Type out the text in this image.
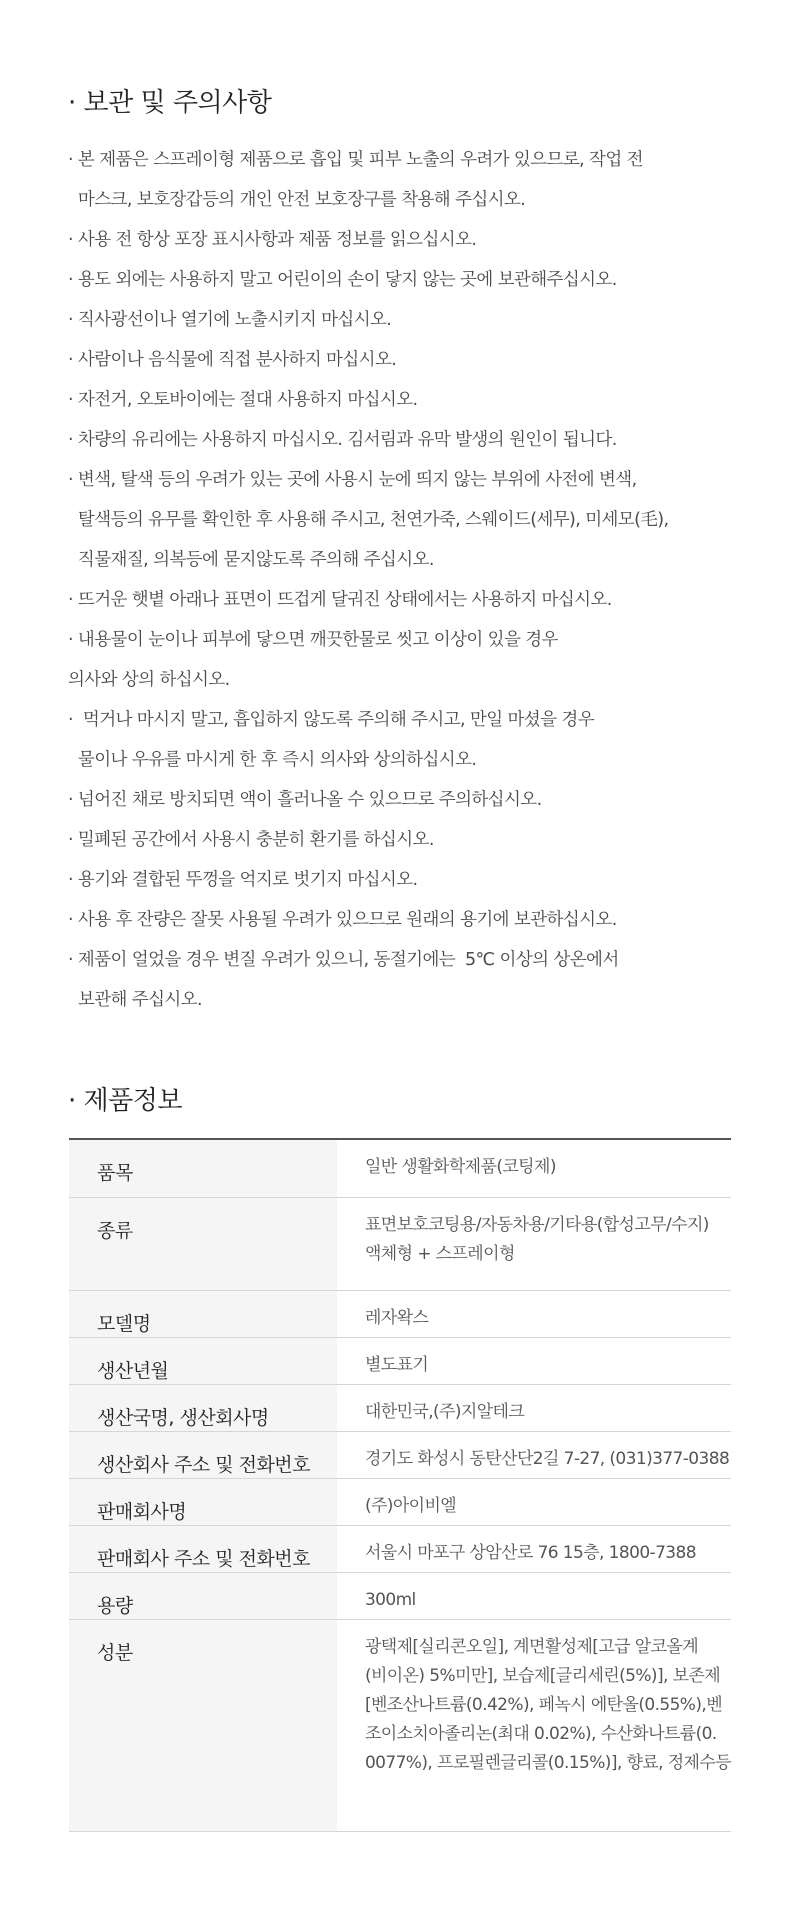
· 보관 및 주의사항
· 본 제품은 스프레이형 제품으로 흡입 및 피부 노출의 우려가 있으므로, 작업 전
마스크, 보호장갑등의 개인 안전 보호장구를 착용해 주십시오.
· 사용 전 항상 포장 표시사항과 제품 정보를 읽으십시오.
· 용도 외에는 사용하지 말고 어린이의 손이 닿지 않는 곳에 보관해주십시오.
· 직사광선이나 열기에 노출시키지 마십시오.
· 사람이나 음식물에 직접 분사하지 마십시오.
· 자전거, 오토바이에는 절대 사용하지 마십시오.
· 차량의 유리에는 사용하지 마십시오. 김서림과 유막 발생의 원인이 됩니다.
· 변색, 탈색 등의 우려가 있는 곳에 사용시 눈에 띄지 않는 부위에 사전에 변색,
탈색등의 유무를 확인한 후 사용해 주시고, 천연가죽, 스웨이드(세무), 미세모(毛),
직물재질, 의복등에 묻지않도록 주의해 주십시오.
· 뜨거운 햇볕 아래나 표면이 뜨겁게 달궈진 상태에서는 사용하지 마십시오.
· 내용물이 눈이나 피부에 닿으면 깨끗한물로 씻고 이상이 있을 경우
의사와 상의 하십시오.
·  먹거나 마시지 말고, 흡입하지 않도록 주의해 주시고, 만일 마셨을 경우
물이나 우유를 마시게 한 후 즉시 의사와 상의하십시오.
· 넘어진 채로 방치되면 액이 흘러나올 수 있으므로 주의하십시오.
· 밀폐된 공간에서 사용시 충분히 환기를 하십시오.
· 용기와 결합된 뚜껑을 억지로 벗기지 마십시오.
· 사용 후 잔량은 잘못 사용될 우려가 있으므로 원래의 용기에 보관하십시오.
· 제품이 얼었을 경우 변질 우려가 있으니, 동절기에는  5℃ 이상의 상온에서
보관해 주십시오.
· 제품정보
품목	일반 생활화학제품(코팅제)

종류	표면보호코팅용/자동차용/기타용(합성고무/수지)
액체형 + 스프레이형

모델명	레자왁스

생산년월	별도표기

생산국명, 생산회사명	대한민국,(주)지알테크

생산회사 주소 및 전화번호	경기도 화성시 동탄산단2길 7-27, (031)377-0388

판매회사명	(주)아이비엘

판매회사 주소 및 전화번호	서울시 마포구 상암산로 76 15층, 1800-7388

용량	300ml

성분	광택제[실리콘오일], 계면활성제[고급 알코올계
(비이온) 5%미만], 보습제[글리세린(5%)], 보존제
[벤조산나트륨(0.42%), 페녹시 에탄올(0.55%),벤
조이소치아졸리논(최대 0.02%), 수산화나트륨(0.
0077%), 프로필렌글리콜(0.15%)], 향료, 정제수등
